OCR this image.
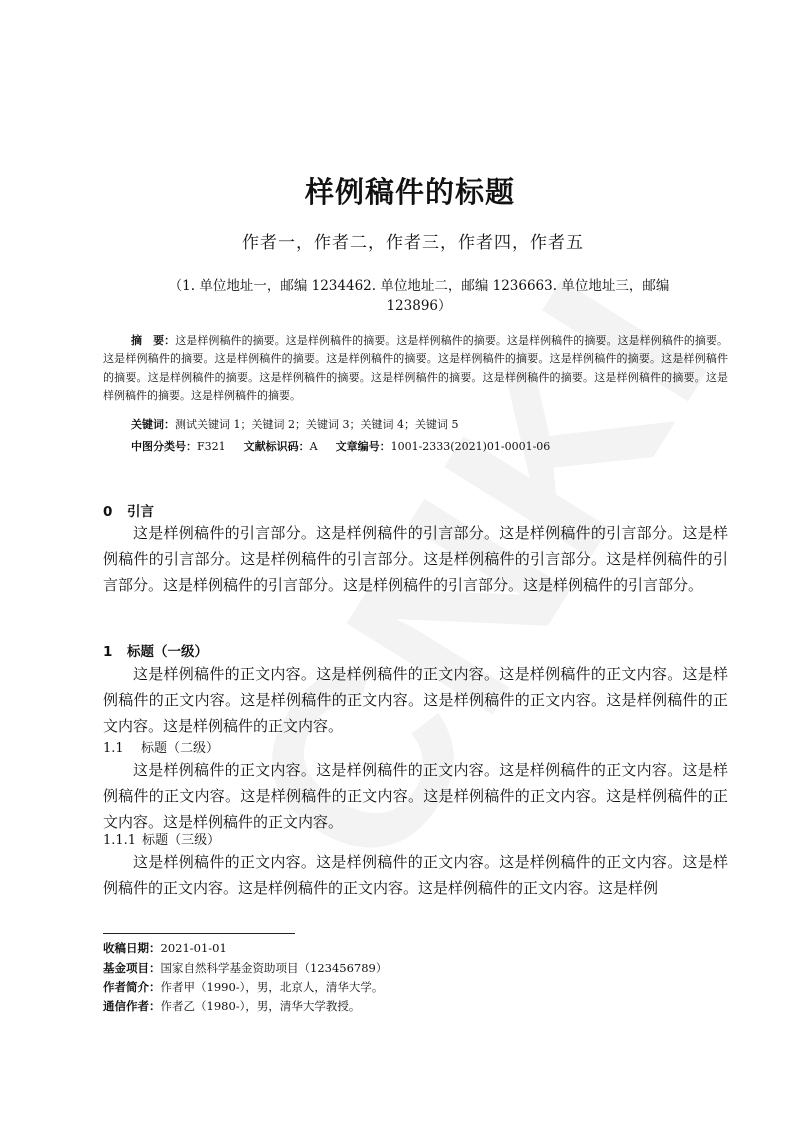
样例稿件的标题
作者一，作者二，作者三，作者四，作者五
（1. 单位地址一，邮编 1234462. 单位地址二，邮编 1236663. 单位地址三，邮编 123896）
摘　要：这是样例稿件的摘要。这是样例稿件的摘要。这是样例稿件的摘要。这是样例稿件的摘要。这是样例稿件的摘要。这是样例稿件的摘要。这是样例稿件的摘要。这是样例稿件的摘要。这是样例稿件的摘要。这是样例稿件的摘要。这是样例稿件的摘要。这是样例稿件的摘要。这是样例稿件的摘要。这是样例稿件的摘要。这是样例稿件的摘要。这是样例稿件的摘要。这是样例稿件的摘要。这是样例稿件的摘要。
关键词：测试关键词 1；关键词 2；关键词 3；关键词 4；关键词 5
中图分类号：F321 文献标识码：A 文章编号：1001-2333(2021)01-0001-06
0 引言
这是样例稿件的引言部分。这是样例稿件的引言部分。这是样例稿件的引言部分。这是样例稿件的引言部分。这是样例稿件的引言部分。这是样例稿件的引言部分。这是样例稿件的引言部分。这是样例稿件的引言部分。这是样例稿件的引言部分。这是样例稿件的引言部分。
1 标题（一级）
这是样例稿件的正文内容。这是样例稿件的正文内容。这是样例稿件的正文内容。这是样例稿件的正文内容。这是样例稿件的正文内容。这是样例稿件的正文内容。这是样例稿件的正文内容。这是样例稿件的正文内容。
1.1 标题（二级）
这是样例稿件的正文内容。这是样例稿件的正文内容。这是样例稿件的正文内容。这是样例稿件的正文内容。这是样例稿件的正文内容。这是样例稿件的正文内容。这是样例稿件的正文内容。这是样例稿件的正文内容。
1.1.1 标题（三级）
这是样例稿件的正文内容。这是样例稿件的正文内容。这是样例稿件的正文内容。这是样例稿件的正文内容。这是样例稿件的正文内容。这是样例稿件的正文内容。这是样例
收稿日期：2021-01-01
基金项目：国家自然科学基金资助项目（123456789）
作者简介：作者甲（1990-），男，北京人，清华大学。
通信作者：作者乙（1980-），男，清华大学教授。
